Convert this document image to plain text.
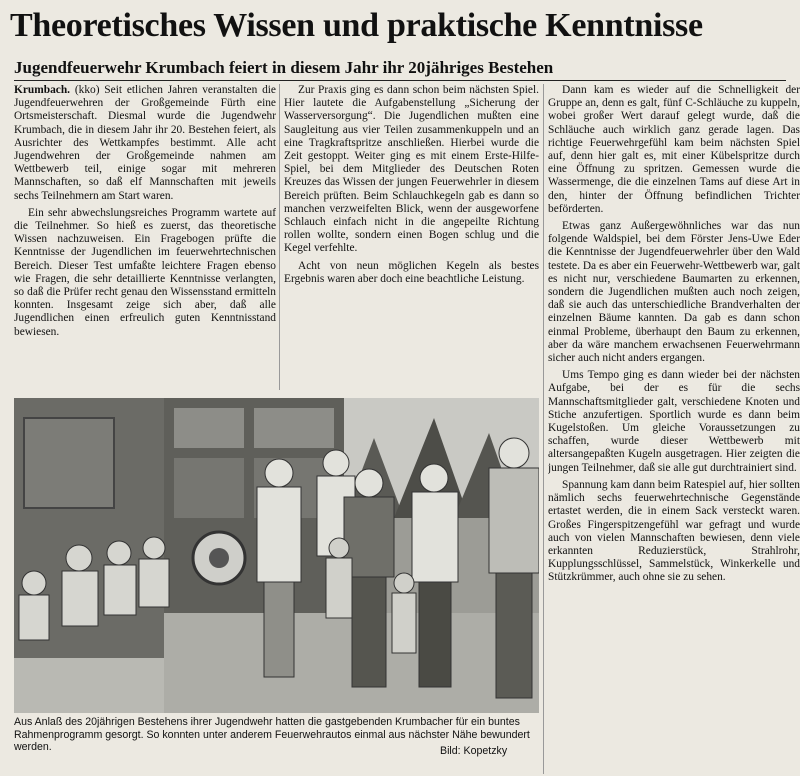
Theoretisches Wissen und praktische Kenntnisse
Jugendfeuerwehr Krumbach feiert in diesem Jahr ihr 20jähriges Bestehen

Krumbach. (kko) Seit etlichen Jahren veranstalten die Jugendfeuerwehren der Großgemeinde Fürth eine Ortsmeisterschaft. Diesmal wurde die Jugendwehr Krumbach, die in diesem Jahr ihr 20. Bestehen feiert, als Ausrichter des Wettkampfes bestimmt. Alle acht Jugendwehren der Großgemeinde nahmen am Wettbewerb teil, einige sogar mit mehreren Mannschaften, so daß elf Mannschaften mit jeweils sechs Teilnehmern am Start waren.

Ein sehr abwechslungsreiches Programm wartete auf die Teilnehmer. So hieß es zuerst, das theoretische Wissen nachzuweisen. Ein Fragebogen prüfte die Kenntnisse der Jugendlichen im feuerwehrtechnischen Bereich. Dieser Test umfaßte leichtere Fragen ebenso wie Fragen, die sehr detaillierte Kenntnisse verlangten, so daß die Prüfer recht genau den Wissensstand ermitteln konnten. Insgesamt zeige sich aber, daß alle Jugendlichen einen erfreulich guten Kenntnisstand bewiesen.

Zur Praxis ging es dann schon beim nächsten Spiel. Hier lautete die Aufgabenstellung „Sicherung der Wasserversorgung“. Die Jugendlichen mußten eine Saugleitung aus vier Teilen zusammenkuppeln und an eine Tragkraftspritze anschließen. Hierbei wurde die Zeit gestoppt. Weiter ging es mit einem Erste-Hilfe-Spiel, bei dem Mitglieder des Deutschen Roten Kreuzes das Wissen der jungen Feuerwehrler in diesem Bereich prüften. Beim Schlauchkegeln gab es dann so manchen verzweifelten Blick, wenn der ausgeworfene Schlauch einfach nicht in die angepeilte Richtung rollen wollte, sondern einen Bogen schlug und die Kegel verfehlte.

Acht von neun möglichen Kegeln als bestes Ergebnis waren aber doch eine beachtliche Leistung.

Dann kam es wieder auf die Schnelligkeit der Gruppe an, denn es galt, fünf C-Schläuche zu kuppeln, wobei großer Wert darauf gelegt wurde, daß die Schläuche auch wirklich ganz gerade lagen. Das richtige Feuerwehrgefühl kam beim nächsten Spiel auf, denn hier galt es, mit einer Kübelspritze durch eine Öffnung zu spritzen. Gemessen wurde die Wassermenge, die die einzelnen Tams auf diese Art in den, hinter der Öffnung befindlichen Trichter beförderten.

Etwas ganz Außergewöhnliches war das nun folgende Waldspiel, bei dem Förster Jens-Uwe Eder die Kenntnisse der Jugendfeuerwehrler über den Wald testete. Da es aber ein Feuerwehr-Wettbewerb war, galt es nicht nur, verschiedene Baumarten zu erkennen, sondern die Jugendlichen mußten auch noch zeigen, daß sie auch das unterschiedliche Brandverhalten der einzelnen Bäume kannten. Da gab es dann schon einmal Probleme, überhaupt den Baum zu erkennen, aber da wäre manchem erwachsenen Feuerwehrmann sicher auch nicht anders ergangen.

Ums Tempo ging es dann wieder bei der nächsten Aufgabe, bei der es für die sechs Mannschaftsmitglieder galt, verschiedene Knoten und Stiche anzufertigen. Sportlich wurde es dann beim Kugelstoßen. Um gleiche Voraussetzungen zu schaffen, wurde dieser Wettbewerb mit altersangepaßten Kugeln ausgetragen. Hier zeigten die jungen Teilnehmer, daß sie alle gut durchtrainiert sind.

Spannung kam dann beim Ratespiel auf, hier sollten nämlich sechs feuerwehrtechnische Gegenstände ertastet werden, die in einem Sack versteckt waren. Großes Fingerspitzengefühl war gefragt und wurde auch von vielen Mannschaften bewiesen, denn viele erkannten Reduzierstück, Strahlrohr, Kupplungsschlüssel, Sammelstück, Winkerkelle und Stützkrümmer, auch ohne sie zu sehen.

Aus Anlaß des 20jährigen Bestehens ihrer Jugendwehr hatten die gastgebenden Krumbacher für ein buntes Rahmenprogramm gesorgt. So konnten unter anderem Feuerwehrautos einmal aus nächster Nähe bewundert werden.	Bild: Kopetzky
